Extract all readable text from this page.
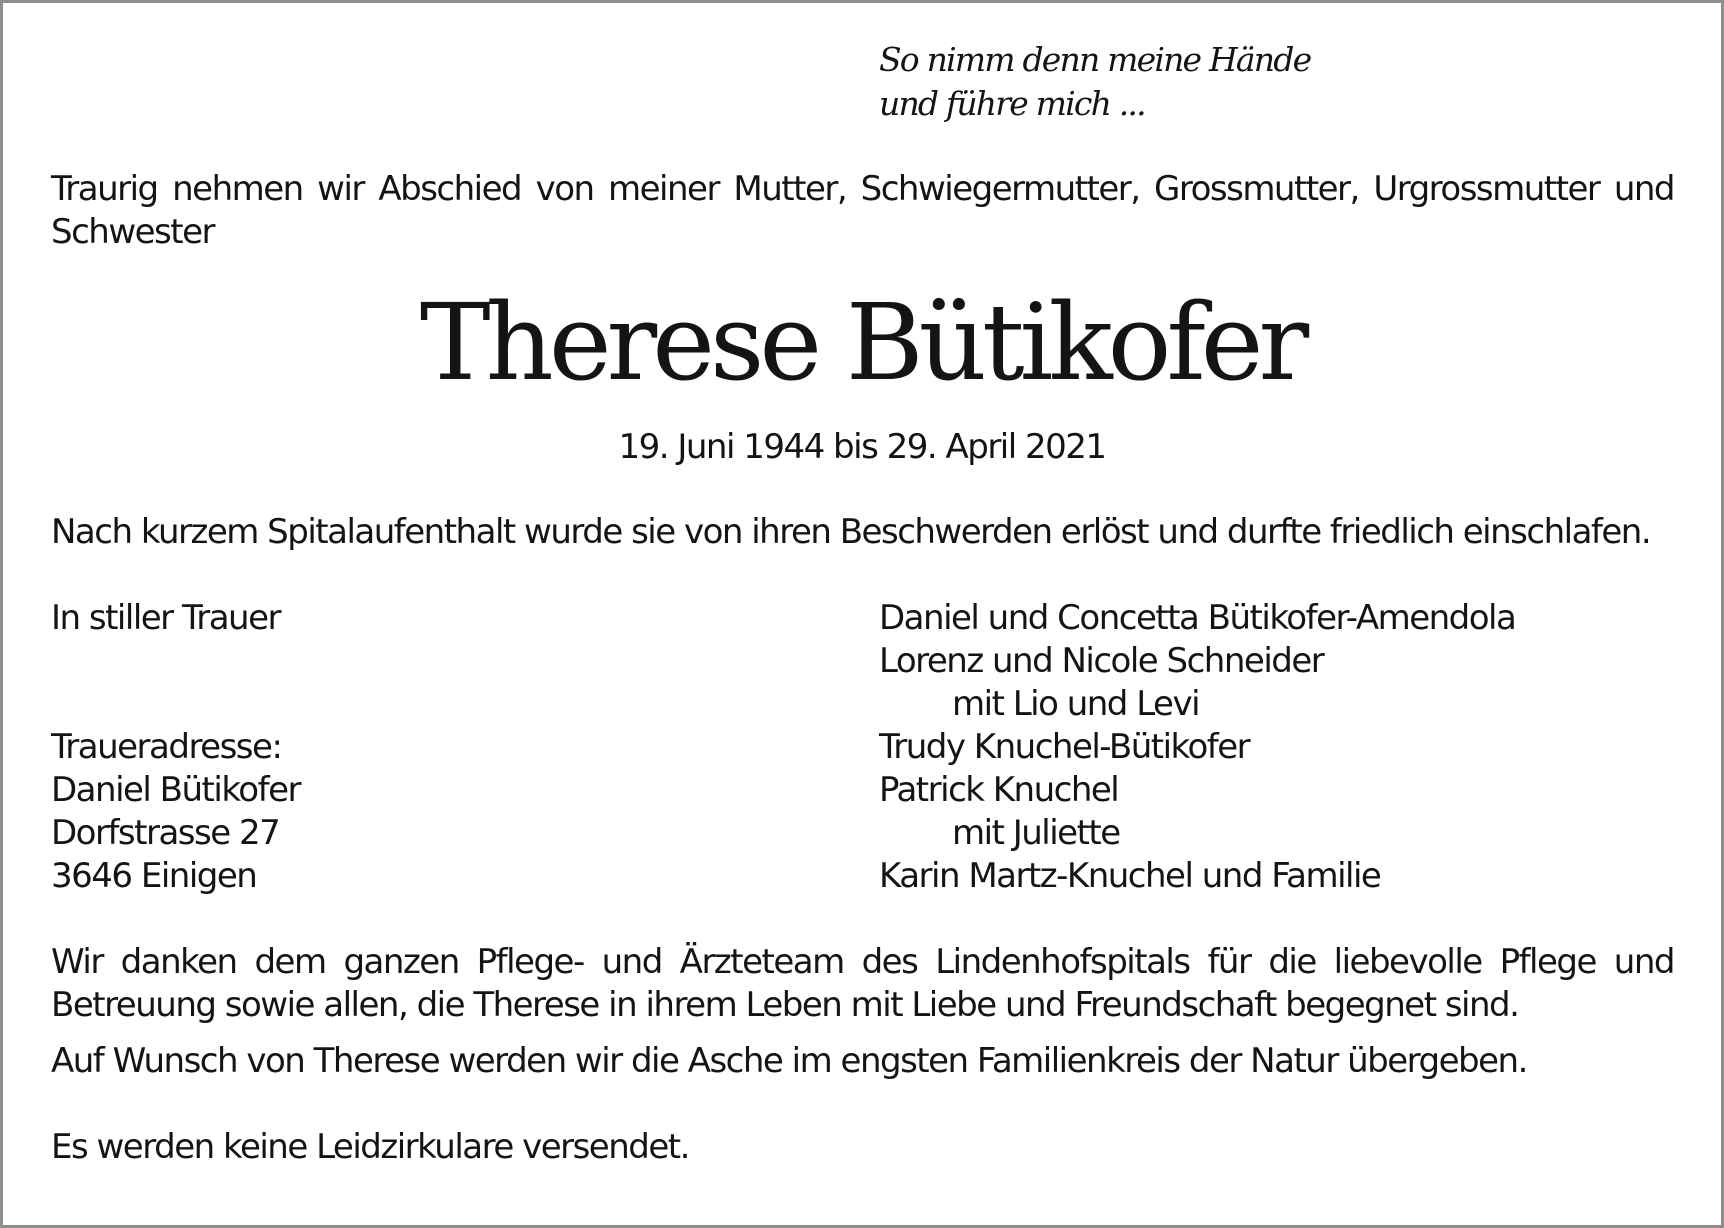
So nimm denn meine Hände
und führe mich ...
Traurig nehmen wir Abschied von meiner Mutter, Schwiegermutter, Grossmutter, Urgrossmutter und Schwester
Therese Bütikofer
19. Juni 1944 bis 29. April 2021
Nach kurzem Spitalaufenthalt wurde sie von ihren Beschwerden erlöst und durfte friedlich einschlafen.
In stiller Trauer
Traueradresse:
Daniel Bütikofer
Dorfstrasse 27
3646 Einigen
Daniel und Concetta Bütikofer-Amendola
Lorenz und Nicole Schneider
mit Lio und Levi
Trudy Knuchel-Bütikofer
Patrick Knuchel
mit Juliette
Karin Martz-Knuchel und Familie
Wir danken dem ganzen Pflege- und Ärzteteam des Lindenhofspitals für die liebevolle Pflege und Betreuung sowie allen, die Therese in ihrem Leben mit Liebe und Freundschaft begegnet sind.
Auf Wunsch von Therese werden wir die Asche im engsten Familienkreis der Natur übergeben.
Es werden keine Leidzirkulare versendet.
